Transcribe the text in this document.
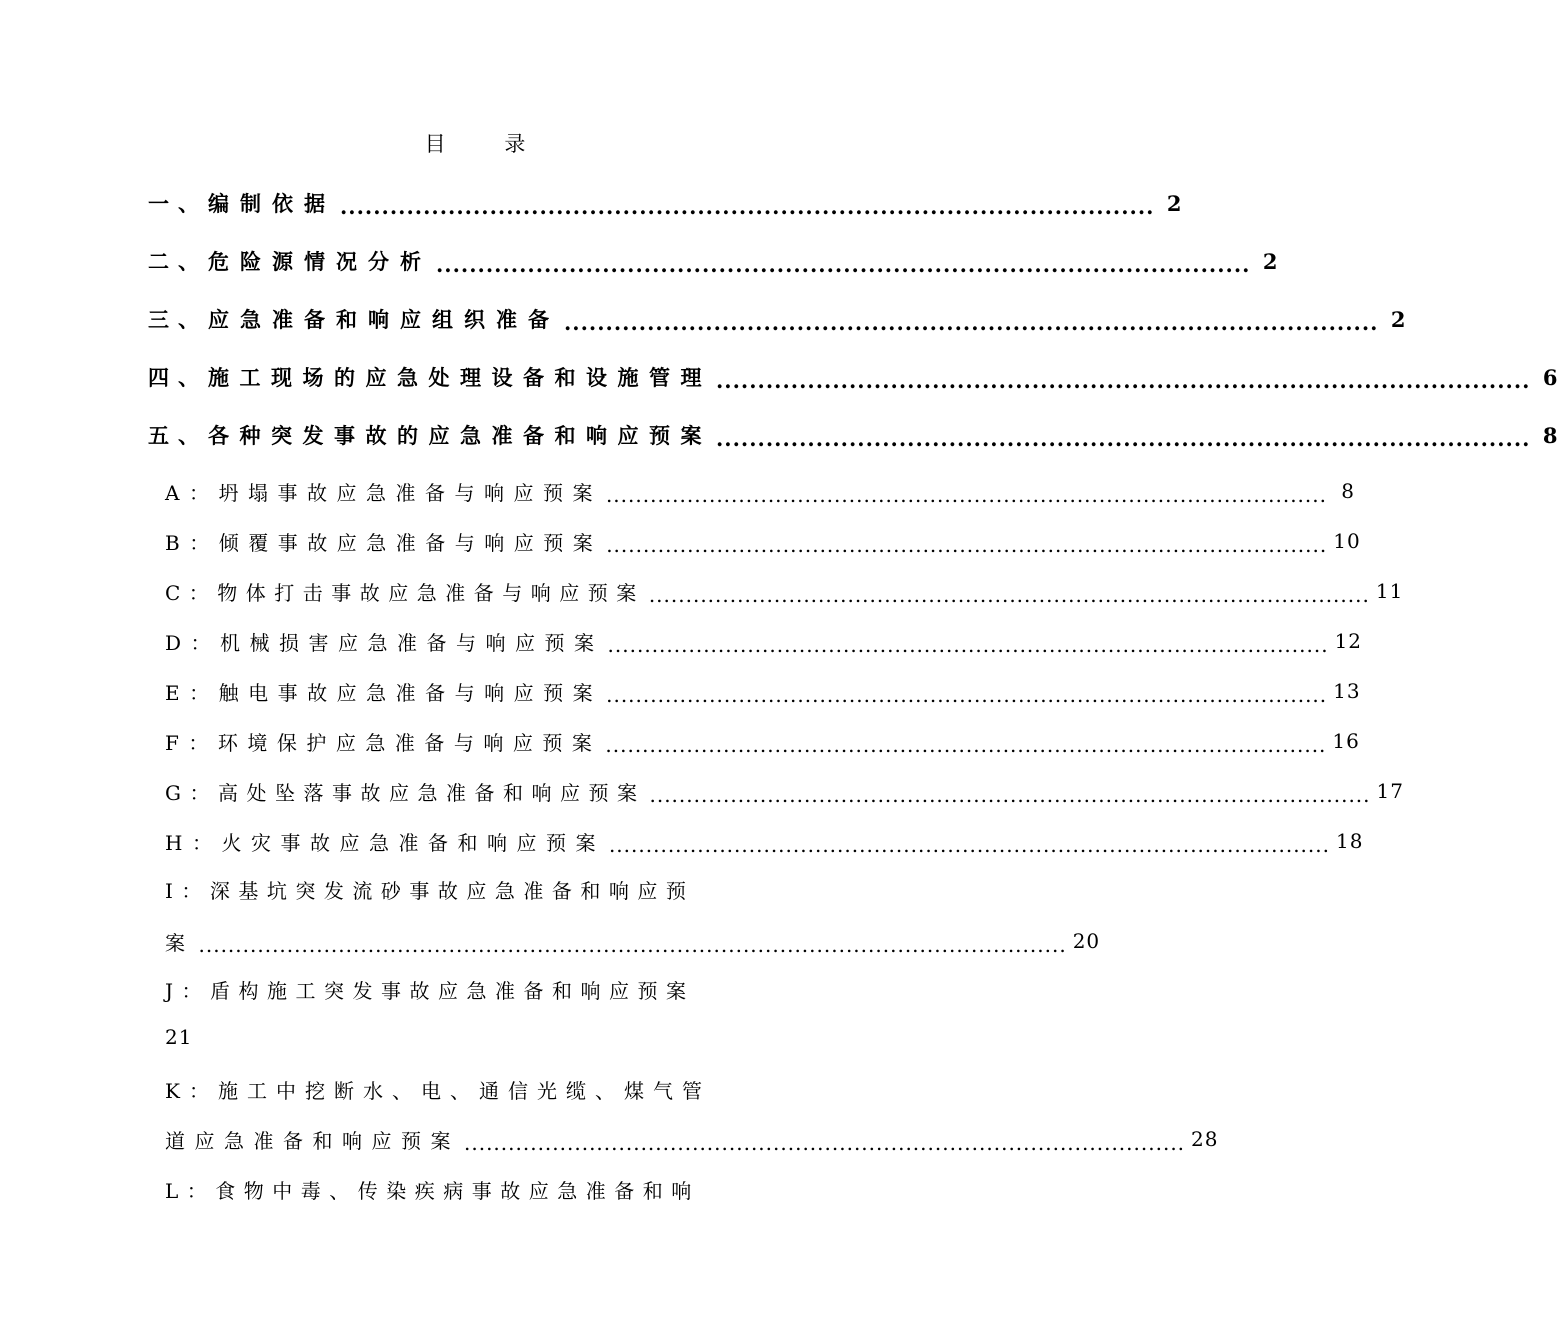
目 录
一、 编制依据 .................................................................................................. 2
二、 危险源情况分析 .................................................................................................. 2
三、 应急准备和响应组织准备 .................................................................................................. 2
四、 施工现场的应急处理设备和设施管理 .................................................................................................. 6
五、 各种突发事故的应急准备和响应预案 .................................................................................................. 8
A：坍塌事故应急准备与响应预案 .................................................................................................. 8
B：倾覆事故应急准备与响应预案 .................................................................................................. 10
C：物体打击事故应急准备与响应预案 .................................................................................................. 11
D：机械损害应急准备与响应预案 .................................................................................................. 12
E：触电事故应急准备与响应预案 .................................................................................................. 13
F：环境保护应急准备与响应预案 .................................................................................................. 16
G：高处坠落事故应急准备和响应预案 .................................................................................................. 17
H：火灾事故应急准备和响应预案 .................................................................................................. 18
I：深基坑突发流砂事故应急准备和响应预
案 ...................................................................................................................... 20
J：盾构施工突发事故应急准备和响应预案
21
K：施工中挖断水、电、通信光缆、煤气管
道应急准备和响应预案 .................................................................................................. 28
L：食物中毒、传染疾病事故应急准备和响
